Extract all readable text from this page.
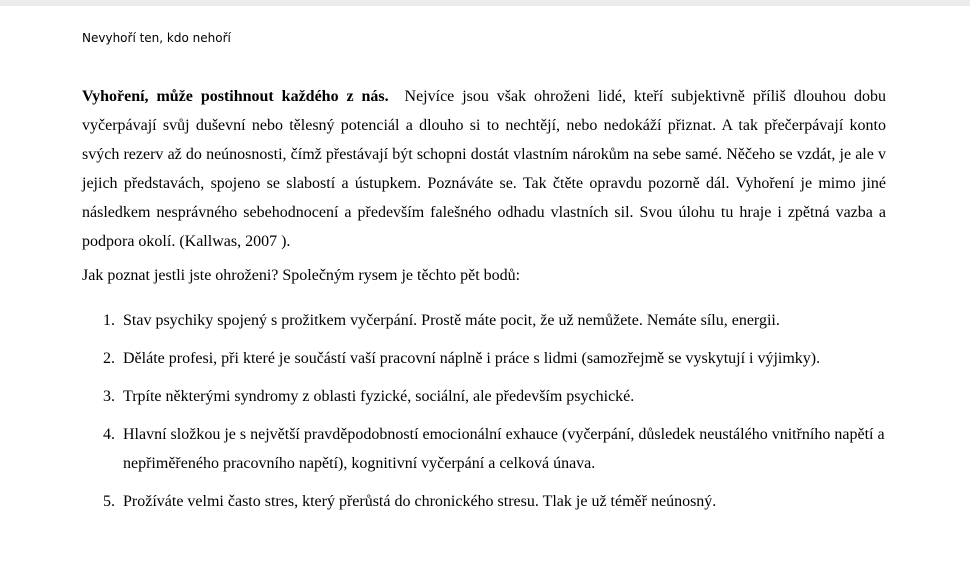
Nevyhoří ten, kdo nehoří

Vyhoření, může postihnout každého z nás. Nejvíce jsou však ohroženi lidé, kteří subjektivně příliš dlouhou dobu vyčerpávají svůj duševní nebo tělesný potenciál a dlouho si to nechtějí, nebo nedokáží přiznat. A tak přečerpávají konto svých rezerv až do neúnosnosti, čímž přestávají být schopni dostát vlastním nárokům na sebe samé. Něčeho se vzdát, je ale v jejich představách, spojeno se slabostí a ústupkem. Poznáváte se. Tak čtěte opravdu pozorně dál. Vyhoření je mimo jiné následkem nesprávného sebehodnocení a především falešného odhadu vlastních sil. Svou úlohu tu hraje i zpětná vazba a podpora okolí. (Kallwas, 2007 ).

Jak poznat jestli jste ohroženi? Společným rysem je těchto pět bodů:

1. Stav psychiky spojený s prožitkem vyčerpání. Prostě máte pocit, že už nemůžete. Nemáte sílu, energii.
2. Děláte profesi, při které je součástí vaší pracovní náplně i práce s lidmi (samozřejmě se vyskytují i výjimky).
3. Trpíte některými syndromy z oblasti fyzické, sociální, ale především psychické.
4. Hlavní složkou je s největší pravděpodobností emocionální exhauce (vyčerpání, důsledek neustálého vnitřního napětí a nepřiměřeného pracovního napětí), kognitivní vyčerpání a celková únava.
5. Prožíváte velmi často stres, který přerůstá do chronického stresu. Tlak je už téměř neúnosný.
